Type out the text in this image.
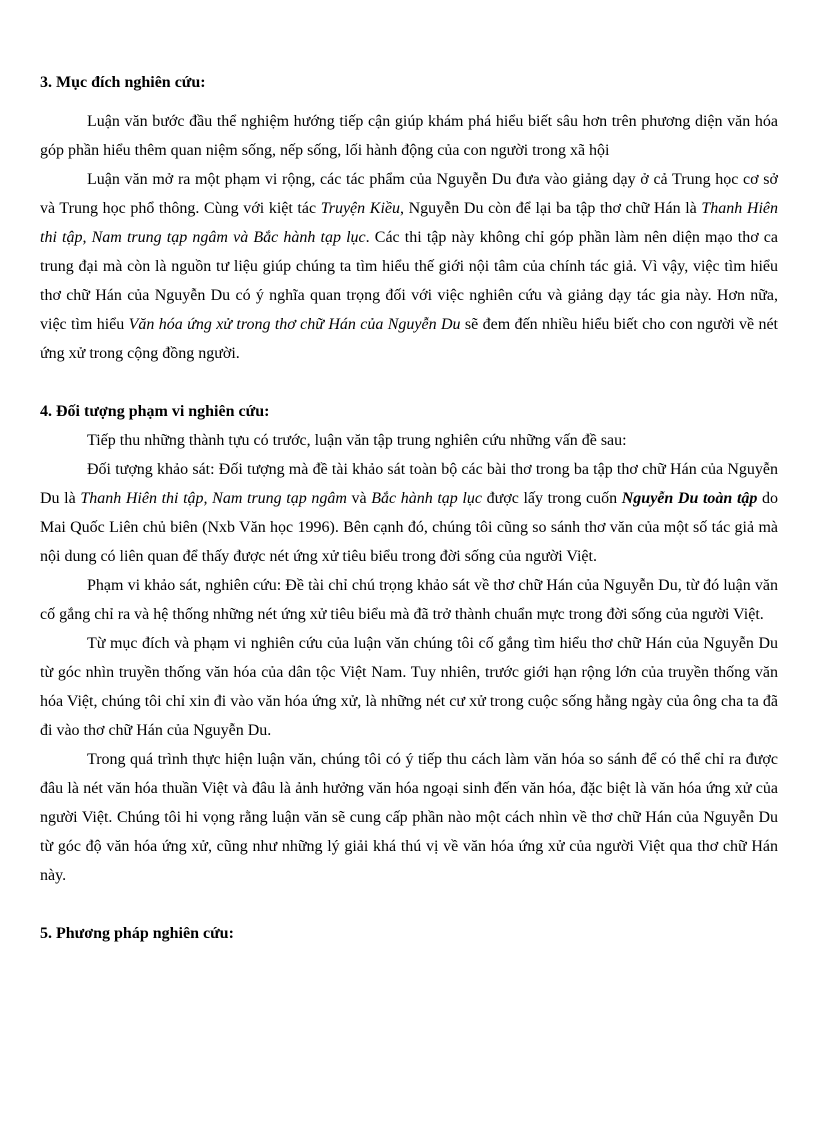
3. Mục đích nghiên cứu:

Luận văn bước đầu thể nghiệm hướng tiếp cận giúp khám phá hiểu biết sâu hơn trên phương diện văn hóa góp phần hiểu thêm quan niệm sống, nếp sống, lối hành động của con người trong xã hội

Luận văn mở ra một phạm vi rộng, các tác phẩm của Nguyễn Du đưa vào giảng dạy ở cả Trung học cơ sở và Trung học phổ thông. Cùng với kiệt tác Truyện Kiều, Nguyễn Du còn để lại ba tập thơ chữ Hán là Thanh Hiên thi tập, Nam trung tạp ngâm và Bắc hành tạp lục. Các thi tập này không chỉ góp phần làm nên diện mạo thơ ca trung đại mà còn là nguồn tư liệu giúp chúng ta tìm hiểu thế giới nội tâm của chính tác giả. Vì vậy, việc tìm hiểu thơ chữ Hán của Nguyễn Du có ý nghĩa quan trọng đối với việc nghiên cứu và giảng dạy tác gia này. Hơn nữa, việc tìm hiểu Văn hóa ứng xử trong thơ chữ Hán của Nguyễn Du sẽ đem đến nhiều hiểu biết cho con người về nét ứng xử trong cộng đồng người.

4. Đối tượng phạm vi nghiên cứu:

Tiếp thu những thành tựu có trước, luận văn tập trung nghiên cứu những vấn đề sau:

Đối tượng khảo sát: Đối tượng mà đề tài khảo sát toàn bộ các bài thơ trong ba tập thơ chữ Hán của Nguyễn Du là Thanh Hiên thi tập, Nam trung tạp ngâm và Bắc hành tạp lục được lấy trong cuốn Nguyễn Du toàn tập do Mai Quốc Liên chủ biên (Nxb Văn học 1996). Bên cạnh đó, chúng tôi cũng so sánh thơ văn của một số tác giả mà nội dung có liên quan để thấy được nét ứng xử tiêu biểu trong đời sống của người Việt.

Phạm vi khảo sát, nghiên cứu: Đề tài chỉ chú trọng khảo sát về thơ chữ Hán của Nguyễn Du, từ đó luận văn cố gắng chỉ ra và hệ thống những nét ứng xử tiêu biểu mà đã trở thành chuẩn mực trong đời sống của người Việt.

Từ mục đích và phạm vi nghiên cứu của luận văn chúng tôi cố gắng tìm hiểu thơ chữ Hán của Nguyễn Du từ góc nhìn truyền thống văn hóa của dân tộc Việt Nam. Tuy nhiên, trước giới hạn rộng lớn của truyền thống văn hóa Việt, chúng tôi chỉ xin đi vào văn hóa ứng xử, là những nét cư xử trong cuộc sống hằng ngày của ông cha ta đã đi vào thơ chữ Hán của Nguyễn Du.

Trong quá trình thực hiện luận văn, chúng tôi có ý tiếp thu cách làm văn hóa so sánh để có thể chỉ ra được đâu là nét văn hóa thuần Việt và đâu là ảnh hưởng văn hóa ngoại sinh đến văn hóa, đặc biệt là văn hóa ứng xử của người Việt. Chúng tôi hi vọng rằng luận văn sẽ cung cấp phần nào một cách nhìn về thơ chữ Hán của Nguyễn Du từ góc độ văn hóa ứng xử, cũng như những lý giải khá thú vị về văn hóa ứng xử của người Việt qua thơ chữ Hán này.

5. Phương pháp nghiên cứu:
